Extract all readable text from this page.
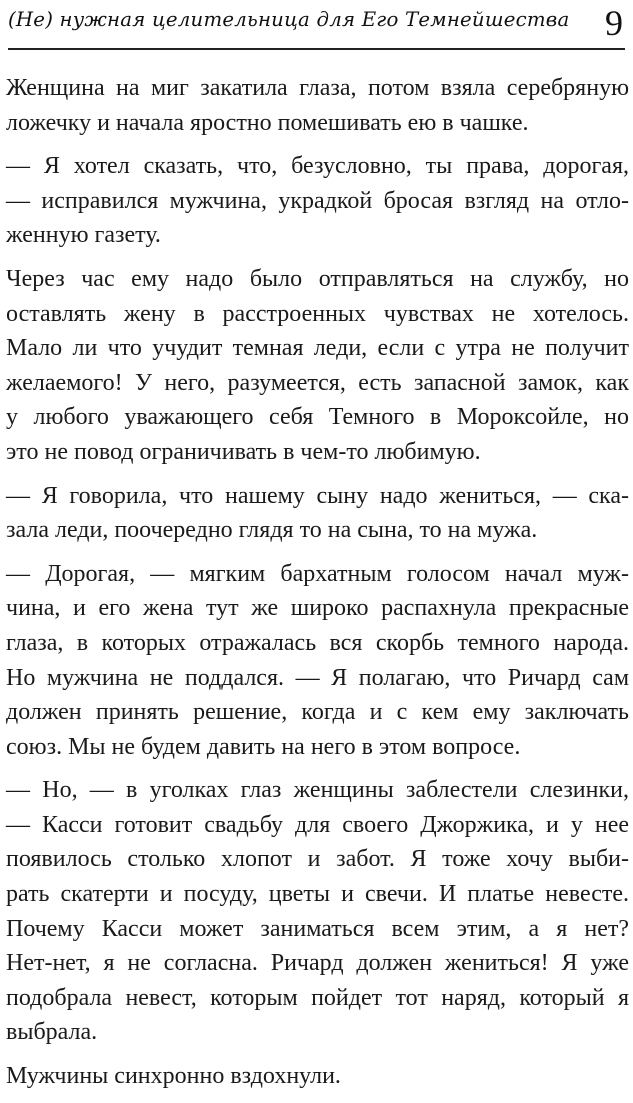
(Не) нужная целительница для Его Темнейшества 9

Женщина на миг закатила глаза, потом взяла серебряную
ложечку и начала яростно помешивать ею в чашке.

— Я хотел сказать, что, безусловно, ты права, дорогая,
— исправился мужчина, украдкой бросая взгляд на отло-
женную газету.

Через час ему надо было отправляться на службу, но
оставлять жену в расстроенных чувствах не хотелось.
Мало ли что учудит темная леди, если с утра не получит
желаемого! У него, разумеется, есть запасной замок, как
у любого уважающего себя Темного в Мороксойле, но
это не повод ограничивать в чем-то любимую.

— Я говорила, что нашему сыну надо жениться, — ска-
зала леди, поочередно глядя то на сына, то на мужа.

— Дорогая, — мягким бархатным голосом начал муж-
чина, и его жена тут же широко распахнула прекрасные
глаза, в которых отражалась вся скорбь темного народа.
Но мужчина не поддался. — Я полагаю, что Ричард сам
должен принять решение, когда и с кем ему заключать
союз. Мы не будем давить на него в этом вопросе.

— Но, — в уголках глаз женщины заблестели слезинки,
— Касси готовит свадьбу для своего Джоржика, и у нее
появилось столько хлопот и забот. Я тоже хочу выби-
рать скатерти и посуду, цветы и свечи. И платье невесте.
Почему Касси может заниматься всем этим, а я нет?
Нет-нет, я не согласна. Ричард должен жениться! Я уже
подобрала невест, которым пойдет тот наряд, который я
выбрала.

Мужчины синхронно вздохнули.
